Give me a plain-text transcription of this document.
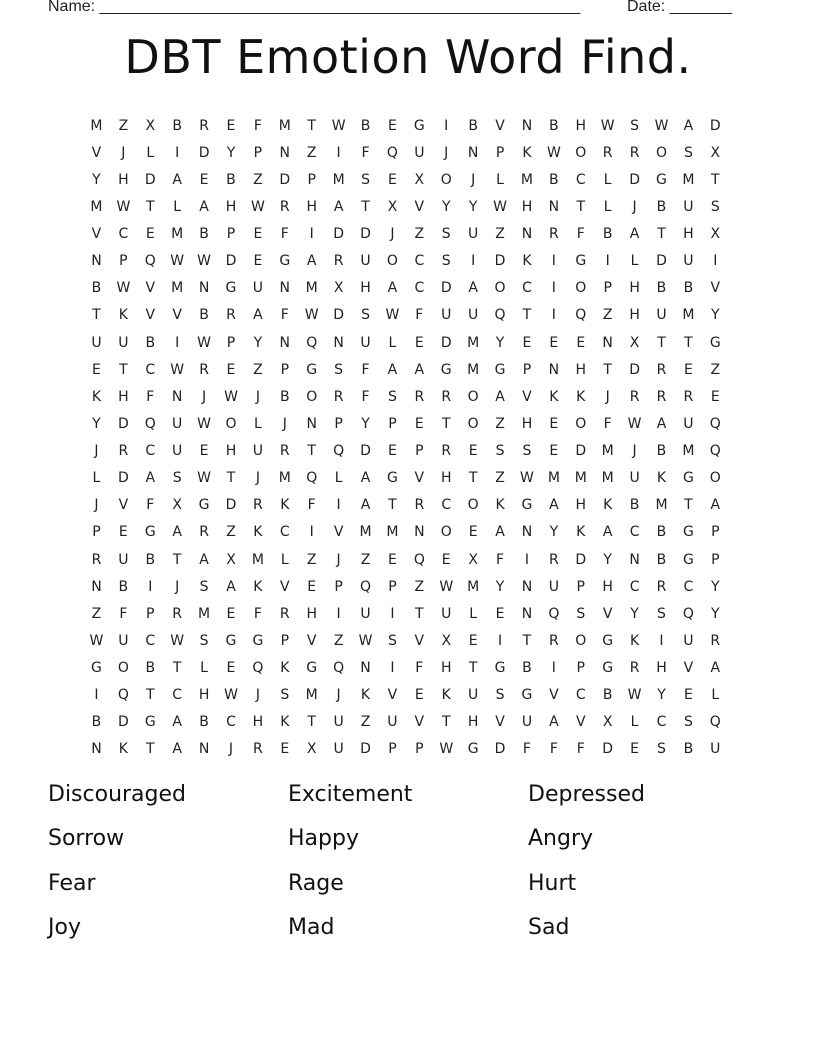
Name: ______________________________________________________	Date: _______
DBT Emotion Word Find.
M	Z	X	B	R	E	F	M	T	W	B	E	G	I	B	V	N	B	H	W	S	W	A	D
V	J	L	I	D	Y	P	N	Z	I	F	Q	U	J	N	P	K	W	O	R	R	O	S	X
Y	H	D	A	E	B	Z	D	P	M	S	E	X	O	J	L	M	B	C	L	D	G	M	T
M W	T	L	A	H	W	R	H	A	T	X	V	Y	Y	W	H	N	T	L	J	B	U	S
V	C	E	M	B	P	E	F	I	D	D	J	Z	S	U	Z	N	R	F	B	A	T	H	X
N	P	Q	W W	D	E	G	A	R	U	O	C	S	I	D	K	I	G	I	L	D	U	I
B	W	V	M	N	G	U	N	M	X	H	A	C	D	A	O	C	I	O	P	H	B	B	V
T	K	V	V	B	R	A	F	W	D	S	W	F	U	U	Q	T	I	Q	Z	H	U	M	Y
U	U	B	I	W	P	Y	N	Q	N	U	L	E	D	M	Y	E	E	E	N	X	T	T	G
E	T	C	W	R	E	Z	P	G	S	F	A	A	G	M	G	P	N	H	T	D	R	E	Z
K	H	F	N	J	W	J	B	O	R	F	S	R	R	O	A	V	K	K	J	R	R	R	E
Y	D	Q	U	W	O	L	J	N	P	Y	P	E	T	O	Z	H	E	O	F	W	A	U	Q
J	R	C	U	E	H	U	R	T	Q	D	E	P	R	E	S	S	E	D	M	J	B	M	Q
L	D	A	S	W	T	J	M	Q	L	A	G	V	H	T	Z	W M	M	M	U	K	G	O
J	V	F	X	G	D	R	K	F	I	A	T	R	C	O	K	G	A	H	K	B	M	T	A
P	E	G	A	R	Z	K	C	I	V	M	M	N	O	E	A	N	Y	K	A	C	B	G	P
R	U	B	T	A	X	M	L	Z	J	Z	E	Q	E	X	F	I	R	D	Y	N	B	G	P
N	B	I	J	S	A	K	V	E	P	Q	P	Z	W M	Y	N	U	P	H	C	R	C	Y
Z	F	P	R	M	E	F	R	H	I	U	I	T	U	L	E	N	Q	S	V	Y	S	Q	Y
W	U	C	W	S	G	G	P	V	Z	W	S	V	X	E	I	T	R	O	G	K	I	U	R
G	O	B	T	L	E	Q	K	G	Q	N	I	F	H	T	G	B	I	P	G	R	H	V	A
I	Q	T	C	H	W	J	S	M	J	K	V	E	K	U	S	G	V	C	B	W	Y	E	L
B	D	G	A	B	C	H	K	T	U	Z	U	V	T	H	V	U	A	V	X	L	C	S	Q
N	K	T	A	N	J	R	E	X	U	D	P	P	W	G	D	F	F	F	D	E	S	B	U
Discouraged	Excitement	Depressed
Sorrow	Happy	Angry
Fear	Rage	Hurt
Joy	Mad	Sad
